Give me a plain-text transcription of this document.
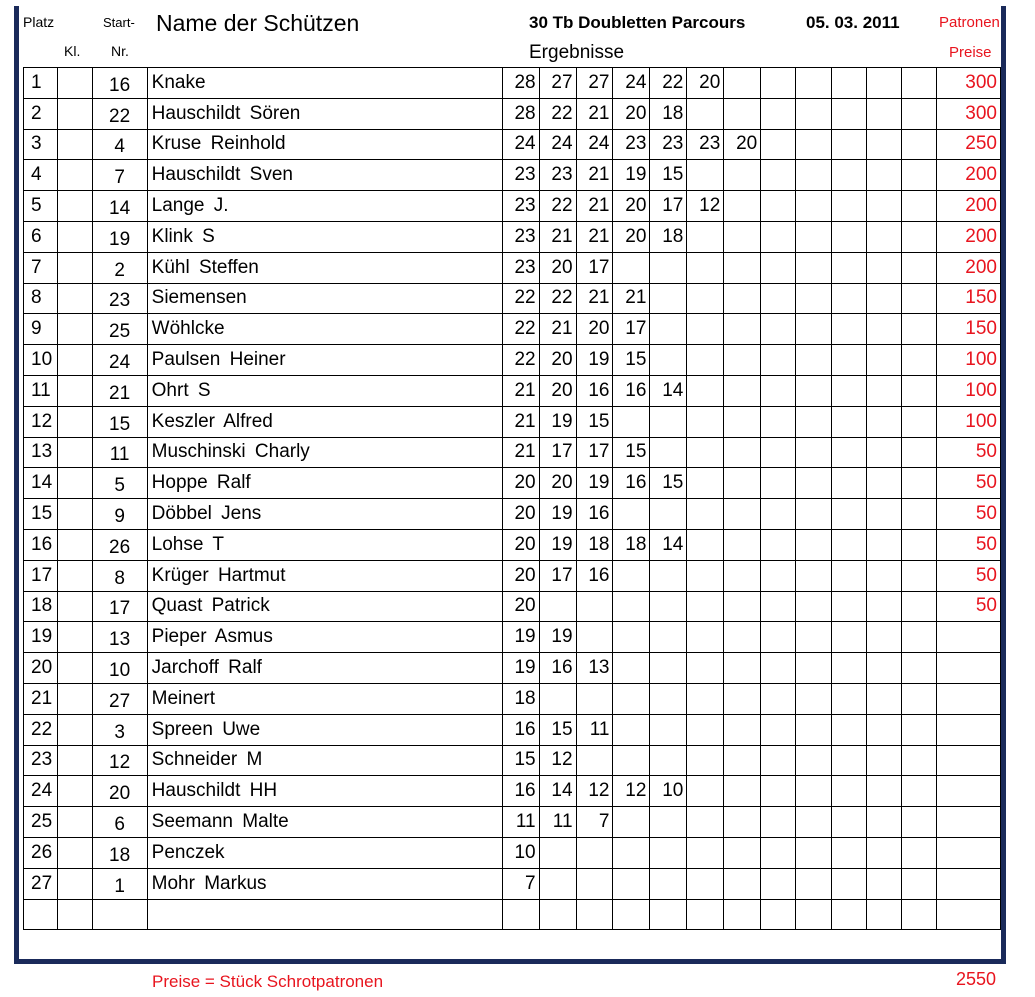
Platz	Start- Name der Schützen	30 Tb Doubletten Parcours	05. 03. 2011	Patronen
Kl. Nr.	Ergebnisse	Preise
1		16	Knake	28	27	27	24	22	20							300
2		22	Hauschildt Sören	28	22	21	20	18								300
3		4	Kruse Reinhold	24	24	24	23	23	23	20						250
4		7	Hauschildt Sven	23	23	21	19	15								200
5		14	Lange J.	23	22	21	20	17	12							200
6		19	Klink S	23	21	21	20	18								200
7		2	Kühl Steffen	23	20	17										200
8		23	Siemensen	22	22	21	21									150
9		25	Wöhlcke	22	21	20	17									150
10		24	Paulsen Heiner	22	20	19	15									100
11		21	Ohrt S	21	20	16	16	14								100
12		15	Keszler Alfred	21	19	15										100
13		11	Muschinski Charly	21	17	17	15									50
14		5	Hoppe Ralf	20	20	19	16	15								50
15		9	Döbbel Jens	20	19	16										50
16		26	Lohse T	20	19	18	18	14								50
17		8	Krüger Hartmut	20	17	16										50
18		17	Quast Patrick	20												50
19		13	Pieper Asmus	19	19											
20		10	Jarchoff Ralf	19	16	13										
21		27	Meinert	18												
22		3	Spreen Uwe	16	15	11										
23		12	Schneider M	15	12											
24		20	Hauschildt HH	16	14	12	12	10								
25		6	Seemann Malte	11	11	7										
26		18	Penczek	10												
27		1	Mohr Markus	7												

Preise = Stück Schrotpatronen	2550
